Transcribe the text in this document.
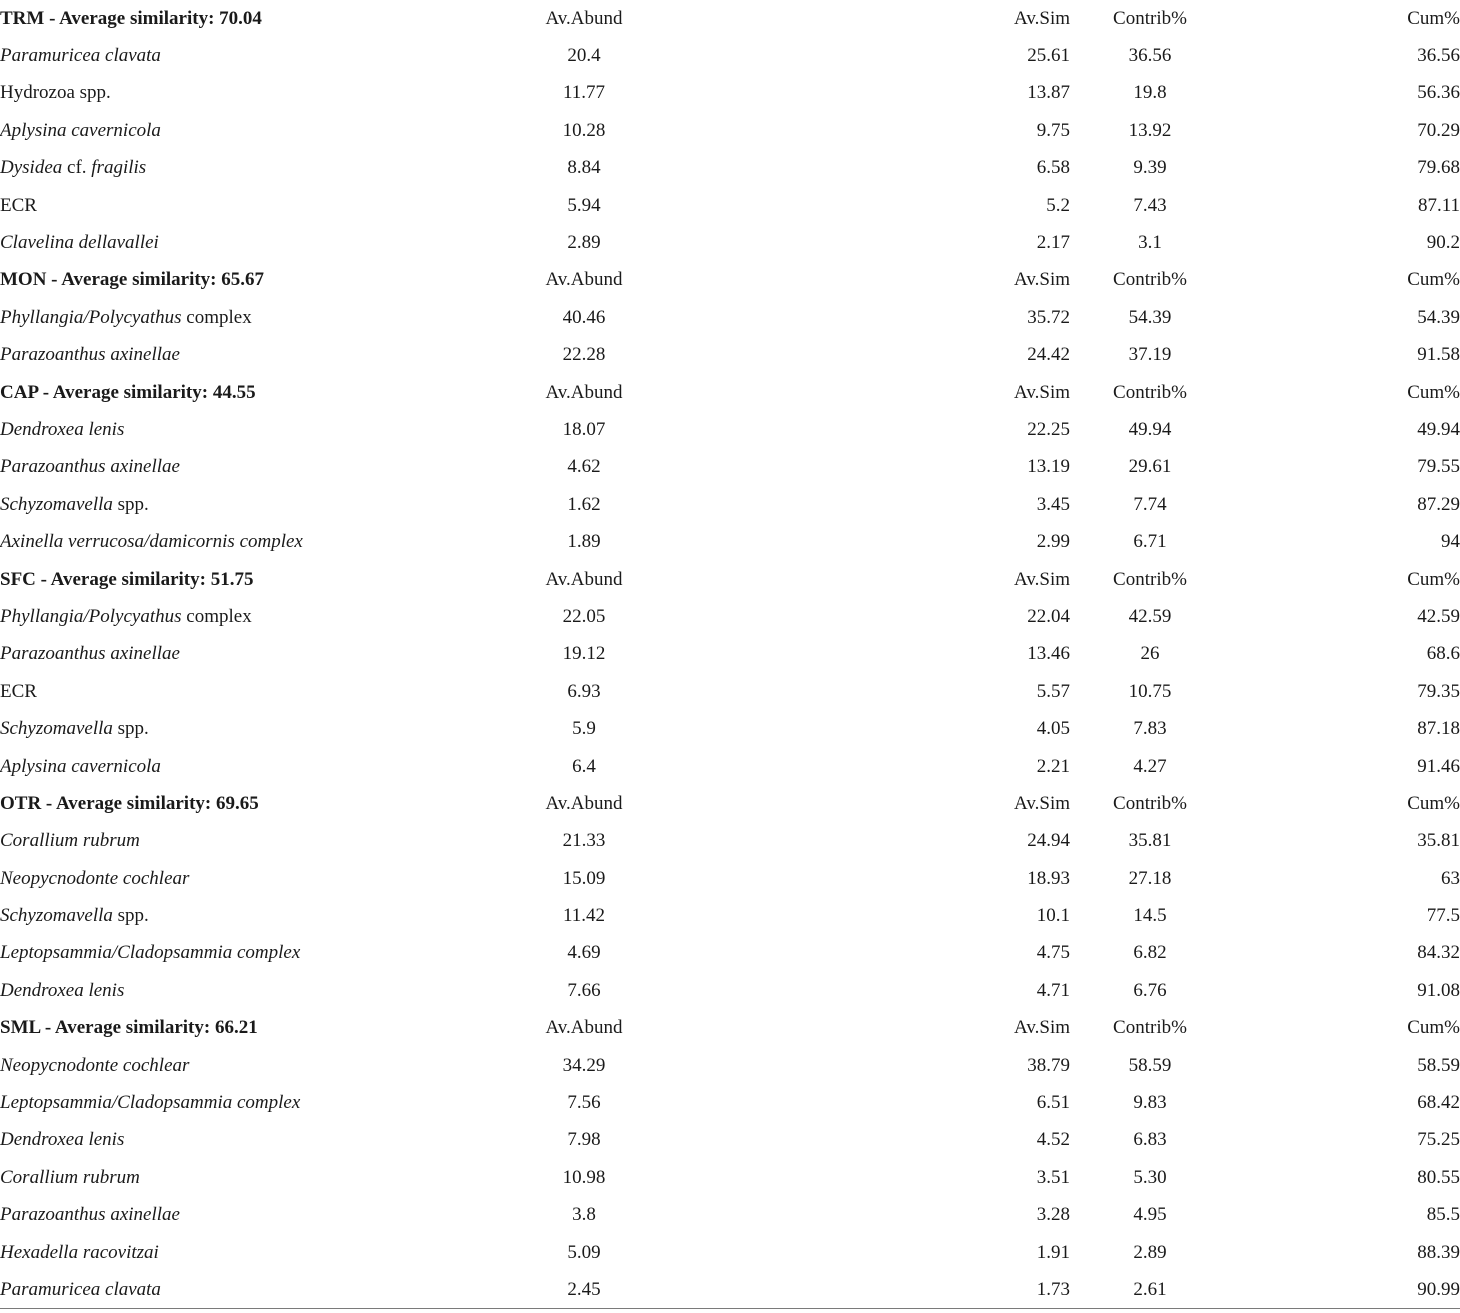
TRM - Average similarity: 70.04	Av.Abund	Av.Sim	Contrib%	Cum%
Paramuricea clavata	20.4	25.61	36.56	36.56
Hydrozoa spp.	11.77	13.87	19.8	56.36
Aplysina cavernicola	10.28	9.75	13.92	70.29
Dysidea cf. fragilis	8.84	6.58	9.39	79.68
ECR	5.94	5.2	7.43	87.11
Clavelina dellavallei	2.89	2.17	3.1	90.2
MON - Average similarity: 65.67	Av.Abund	Av.Sim	Contrib%	Cum%
Phyllangia/Polycyathus complex	40.46	35.72	54.39	54.39
Parazoanthus axinellae	22.28	24.42	37.19	91.58
CAP - Average similarity: 44.55	Av.Abund	Av.Sim	Contrib%	Cum%
Dendroxea lenis	18.07	22.25	49.94	49.94
Parazoanthus axinellae	4.62	13.19	29.61	79.55
Schyzomavella spp.	1.62	3.45	7.74	87.29
Axinella verrucosa/damicornis complex	1.89	2.99	6.71	94
SFC - Average similarity: 51.75	Av.Abund	Av.Sim	Contrib%	Cum%
Phyllangia/Polycyathus complex	22.05	22.04	42.59	42.59
Parazoanthus axinellae	19.12	13.46	26	68.6
ECR	6.93	5.57	10.75	79.35
Schyzomavella spp.	5.9	4.05	7.83	87.18
Aplysina cavernicola	6.4	2.21	4.27	91.46
OTR - Average similarity: 69.65	Av.Abund	Av.Sim	Contrib%	Cum%
Corallium rubrum	21.33	24.94	35.81	35.81
Neopycnodonte cochlear	15.09	18.93	27.18	63
Schyzomavella spp.	11.42	10.1	14.5	77.5
Leptopsammia/Cladopsammia complex	4.69	4.75	6.82	84.32
Dendroxea lenis	7.66	4.71	6.76	91.08
SML - Average similarity: 66.21	Av.Abund	Av.Sim	Contrib%	Cum%
Neopycnodonte cochlear	34.29	38.79	58.59	58.59
Leptopsammia/Cladopsammia complex	7.56	6.51	9.83	68.42
Dendroxea lenis	7.98	4.52	6.83	75.25
Corallium rubrum	10.98	3.51	5.30	80.55
Parazoanthus axinellae	3.8	3.28	4.95	85.5
Hexadella racovitzai	5.09	1.91	2.89	88.39
Paramuricea clavata	2.45	1.73	2.61	90.99
